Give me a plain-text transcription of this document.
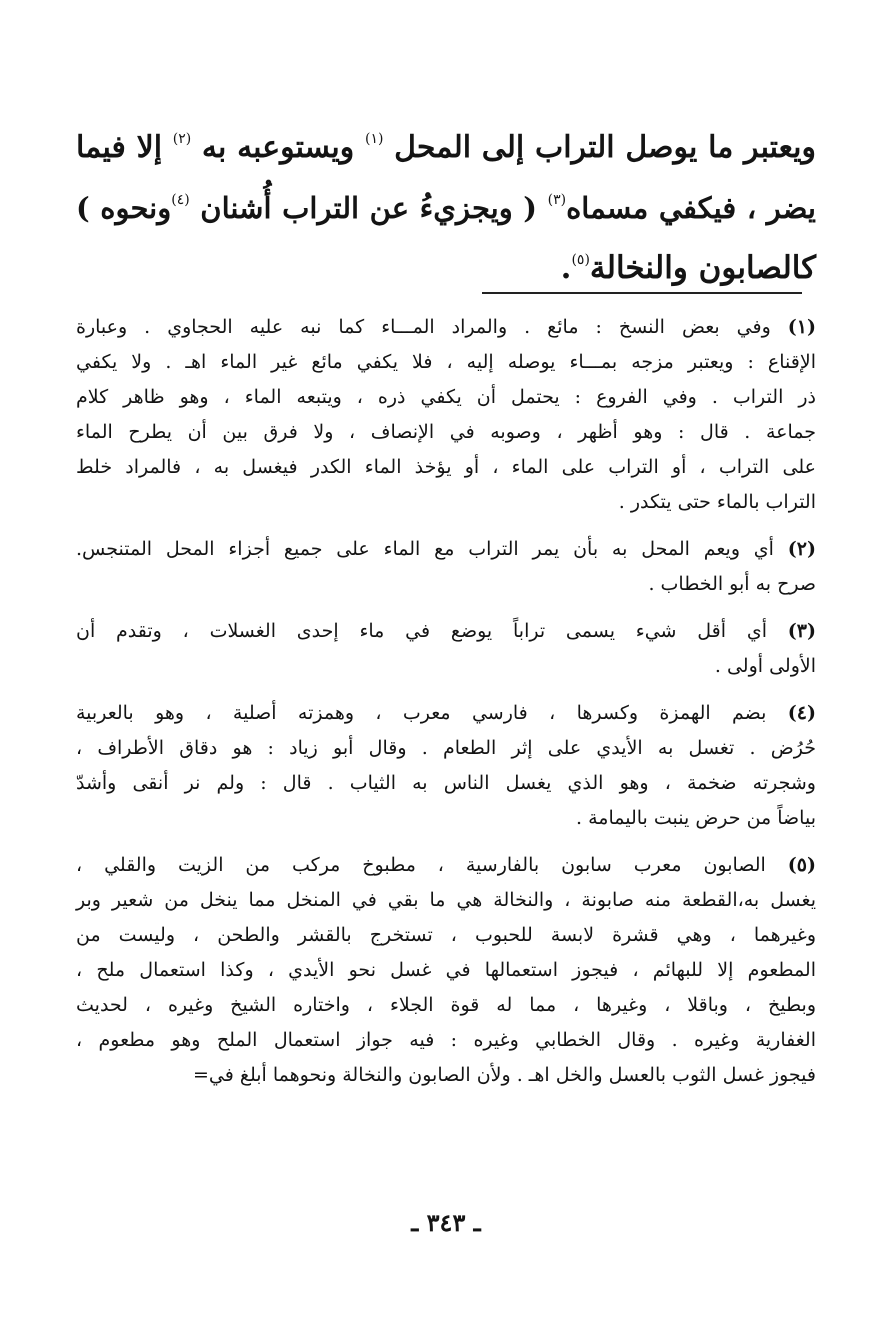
ويعتبر ما يوصل التراب إلى المحل $^{(١)}$ ويستوعبه به $^{(٢)}$ إلا فيما
يضر ، فيكفي مسماه$^{(٣)}$ ( ويجزيءُ عن التراب أُشنان $^{(٤)}$ونحوه )
كالصابون والنخالة$^{(٥)}$.
(١) وفي بعض النسخ : مائع . والمراد المـــاء كما نبه عليه الحجاوي . وعبارة
الإقناع : ويعتبر مزجه بمـــاء يوصله إليه ، فلا يكفي مائع غير الماء اهـ . ولا يكفي
ذر التراب . وفي الفروع : يحتمل أن يكفي ذره ، ويتبعه الماء ، وهو ظاهر كلام
جماعة . قال : وهو أظهر ، وصوبه في الإنصاف ، ولا فرق بين أن يطرح الماء
على التراب ، أو التراب على الماء ، أو يؤخذ الماء الكدر فيغسل به ، فالمراد خلط
التراب بالماء حتى يتكدر .
(٢) أي ويعم المحل به بأن يمر التراب مع الماء على جميع أجزاء المحل المتنجس.
صرح به أبو الخطاب .
(٣) أي أقل شيء يسمى تراباً يوضع في ماء إحدى الغسلات ، وتقدم أن
الأولى أولى .
(٤) بضم الهمزة وكسرها ، فارسي معرب ، وهمزته أصلية ، وهو بالعربية
حُرُض . تغسل به الأيدي على إثر الطعام . وقال أبو زياد : هو دقاق الأطراف ،
وشجرته ضخمة ، وهو الذي يغسل الناس به الثياب . قال : ولم نر أنقى وأشدّ
بياضاً من حرض ينبت باليمامة .
(٥) الصابون معرب سابون بالفارسية ، مطبوخ مركب من الزيت والقلي ،
يغسل به،القطعة منه صابونة ، والنخالة هي ما بقي في المنخل مما ينخل من شعير وبر
وغيرهما ، وهي قشرة لابسة للحبوب ، تستخرج بالقشر والطحن ، وليست من
المطعوم إلا للبهائم ، فيجوز استعمالها في غسل نحو الأيدي ، وكذا استعمال ملح ،
وبطيخ ، وباقلا ، وغيرها ، مما له قوة الجلاء ، واختاره الشيخ وغيره ، لحديث
الغفارية وغيره . وقال الخطابي وغيره : فيه جواز استعمال الملح وهو مطعوم ،
فيجوز غسل الثوب بالعسل والخل اهـ . ولأن الصابون والنخالة ونحوهما أبلغ في=
ـ ٣٤٣ ـ
